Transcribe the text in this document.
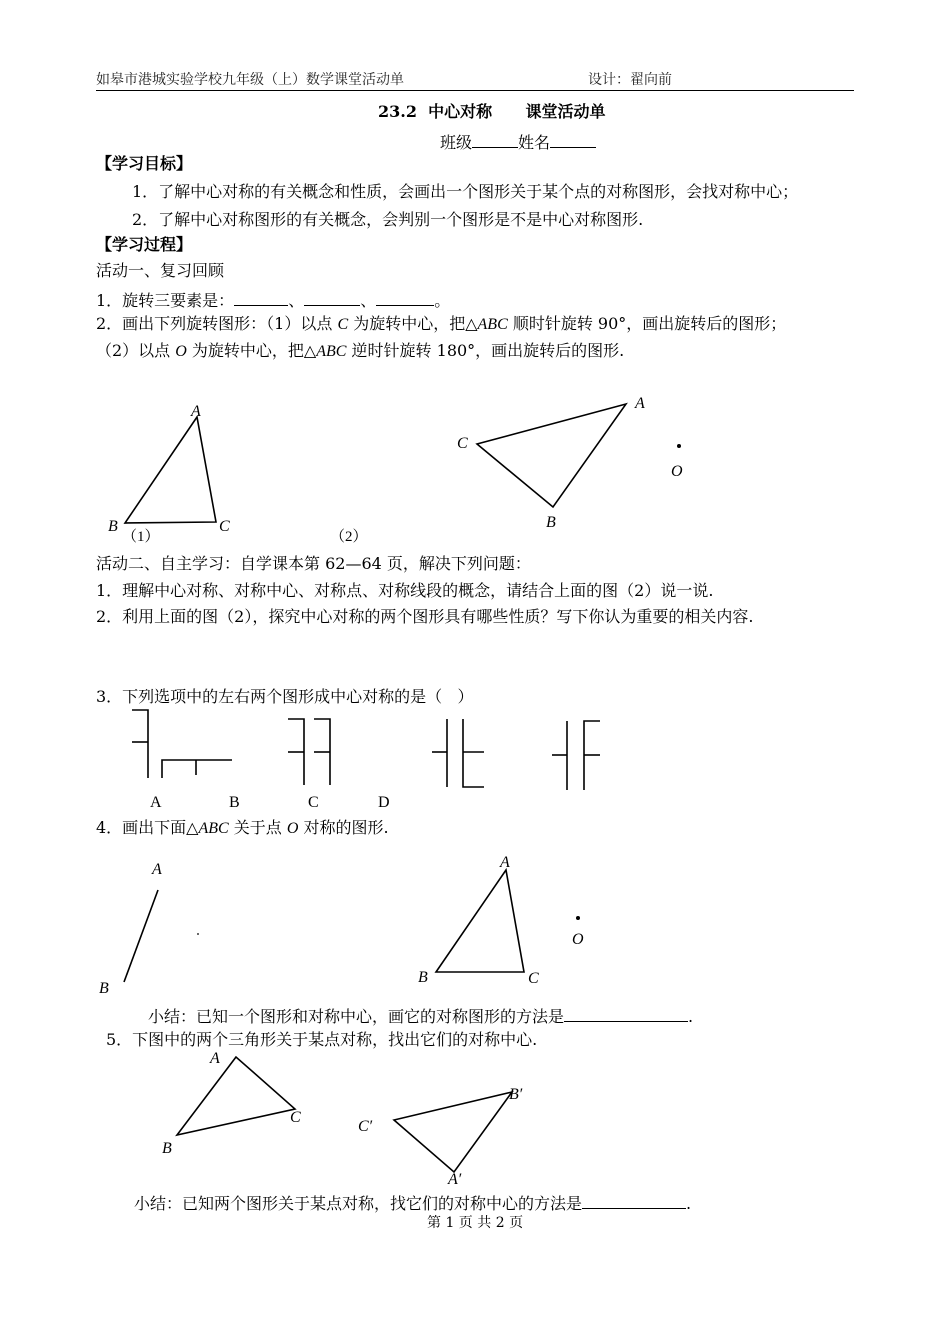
如皋市港城实验学校九年级（上）数学课堂活动单	设计：翟向前
23.2  中心对称      课堂活动单
班级	姓名
【学习目标】
1．了解中心对称的有关概念和性质，会画出一个图形关于某个点的对称图形，会找对称中心；
2．了解中心对称图形的有关概念，会判别一个图形是不是中心对称图形.
【学习过程】
活动一、复习回顾
1．旋转三要素是：	、	、	。
2．画出下列旋转图形：（1）以点 C 为旋转中心，把△ABC 顺时针旋转 90°，画出旋转后的图形；
（2）以点 O 为旋转中心，把△ABC 逆时针旋转 180°，画出旋转后的图形.
A
B	C
（1）
A
C
B
O
（2）
A	B	C	D
A
B
A
B	C
O
A
B
C
B′
C′
A′
活动二、自主学习：自学课本第 62—64 页，解决下列问题：
1．理解中心对称、对称中心、对称点、对称线段的概念，请结合上面的图（2）说一说.
2．利用上面的图（2），探究中心对称的两个图形具有哪些性质？写下你认为重要的相关内容.
3．下列选项中的左右两个图形成中心对称的是（   ）
4．画出下面△ABC 关于点 O 对称的图形.
小结：已知一个图形和对称中心，画它的对称图形的方法是	.
5．下图中的两个三角形关于某点对称，找出它们的对称中心.
小结：已知两个图形关于某点对称，找它们的对称中心的方法是	.
第 1 页 共 2 页
